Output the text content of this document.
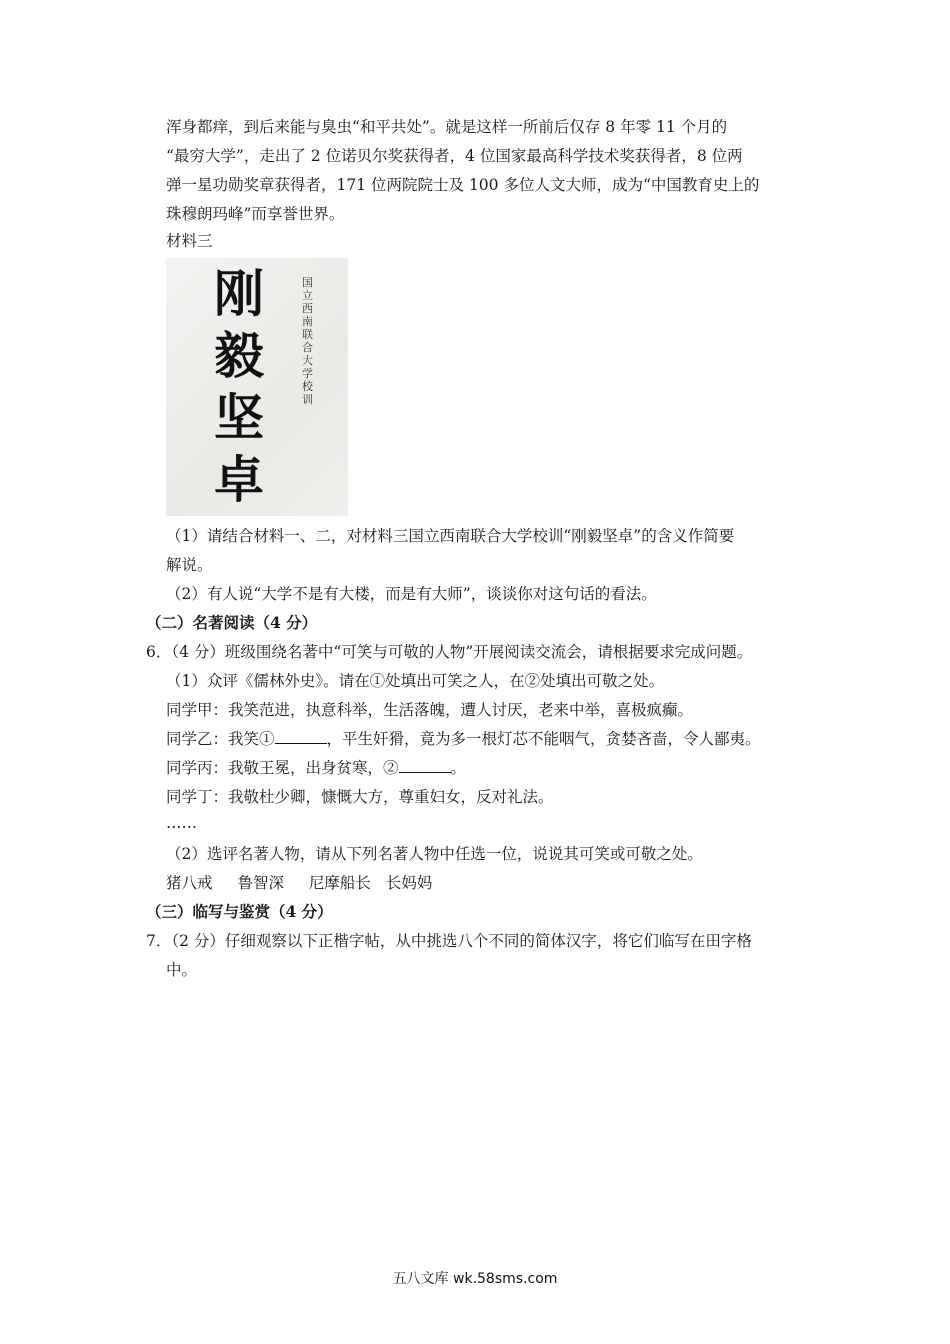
浑身都痒，到后来能与臭虫“和平共处”。就是这样一所前后仅存 8 年零 11 个月的
“最穷大学”，走出了 2 位诺贝尔奖获得者，4 位国家最高科学技术奖获得者，8 位两
弹一星功勋奖章获得者，171 位两院院士及 100 多位人文大师，成为“中国教育史上的
珠穆朗玛峰”而享誉世界。
材料三
刚
毅
坚
卓
国立西南联合大学校训
（1）请结合材料一、二，对材料三国立西南联合大学校训“刚毅坚卓”的含义作简要
解说。
（2）有人说“大学不是有大楼，而是有大师”，谈谈你对这句话的看法。
（二）名著阅读（4 分）
6．（4 分）班级围绕名著中“可笑与可敬的人物”开展阅读交流会，请根据要求完成问题。
（1）众评《儒林外史》。请在①处填出可笑之人，在②处填出可敬之处。
同学甲：我笑范进，执意科举，生活落魄，遭人讨厌，老来中举，喜极疯癫。
同学乙：我笑①	，平生奸猾，竟为多一根灯芯不能咽气，贪婪吝啬，令人鄙夷。
同学丙：我敬王冕，出身贫寒，②	。
同学丁：我敬杜少卿，慷慨大方，尊重妇女，反对礼法。
……
（2）选评名著人物，请从下列名著人物中任选一位，说说其可笑或可敬之处。
猪八戒 鲁智深 尼摩船长 长妈妈
（三）临写与鉴赏（4 分）
7．（2 分）仔细观察以下正楷字帖，从中挑选八个不同的简体汉字，将它们临写在田字格
中。
五八文库 wk.58sms.com
